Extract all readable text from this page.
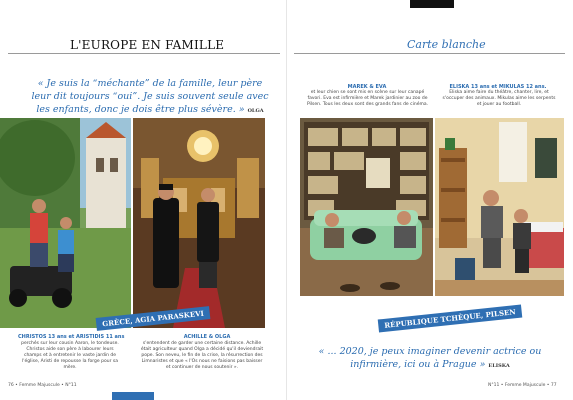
L'EUROPE EN FAMILLE
« Je suis la “méchante” de la famille, leur père leur dit toujours “oui”. Je suis souvent seule avec les enfants, donc je dois être plus sévère. » OLGA
GRÈCE, AGIA PARASKEVI
CHRISTOS 13 ans et ARISTIDIS 11 ans
perchés sur leur cousin Aaron, le tondeuse. Christos aide son père à labourer leurs champs et à entretenir le vaste jardin de l'église, Aristi de repousse la forge pour sa mère.
ACHILLE & OLGA
s'entendent de garder une certaine distance. Achille était agriculteur quand Olga a décidé qu'il deviendrait pope. Son neveu, le fin de la crise, la résurrection des Limnaristes et que « l'Os nous ne faisions pas baisser et continuer de nous soutenir ».
76 • Femme Majuscule • N°11
Carte blanche
MAREK & EVA
et leur chien se sont mis en scène sur leur canapé favori. Eva est infirmière et Marek jardinier au zoo de Pilsen. Tous les deux sont des grands fans de cinéma.
ELISKA 13 ans et MIKULAS 12 ans.
Eliska aime faire du théâtre, chanter, lire, et s'occuper des animaux. Mikulas aime les serpents et jouer au football.
RÉPUBLIQUE TCHÈQUE, PILSEN
« ... 2020, je peux imaginer devenir actrice ou infirmière, ici ou à Prague » ELISKA
N°11 • Femme Majuscule • 77
